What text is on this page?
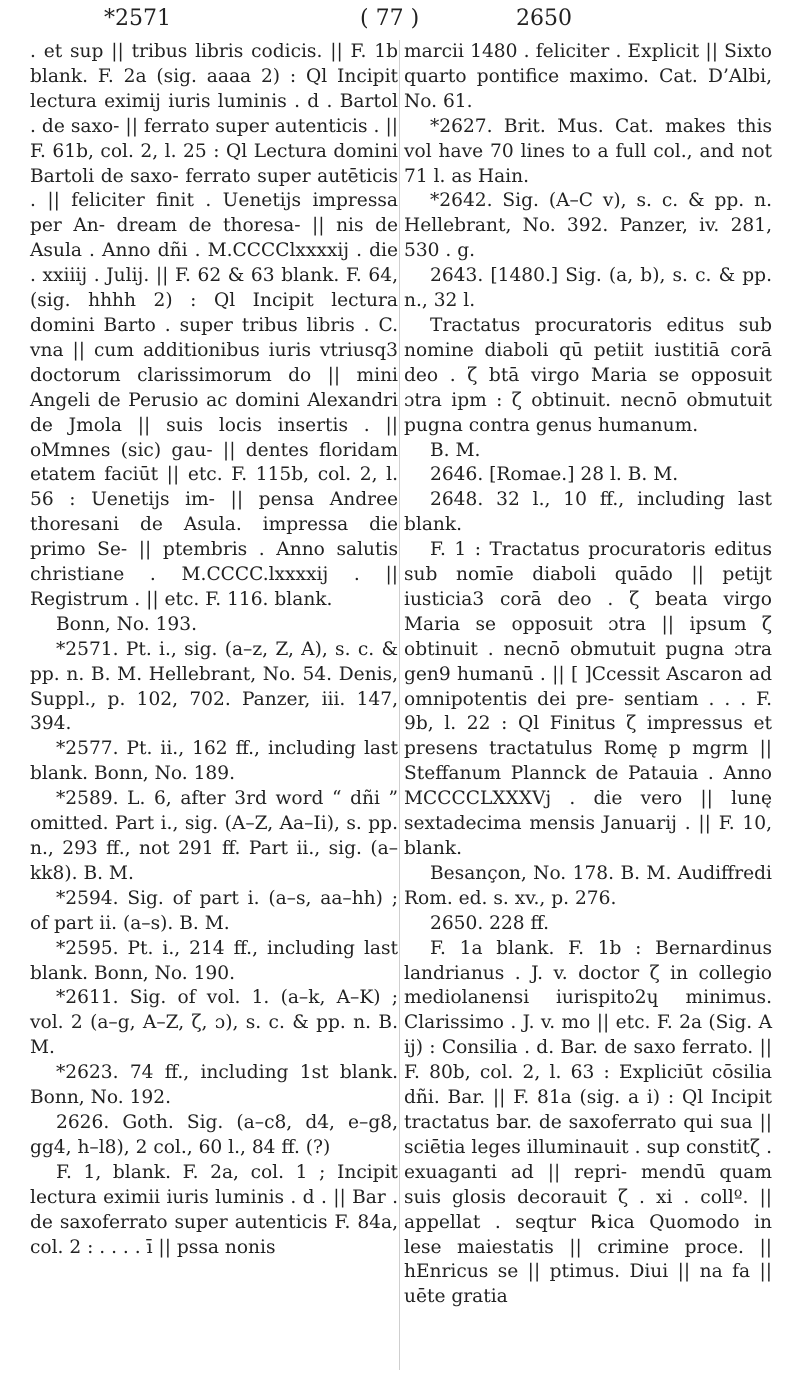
*2571	( 77 )	2650

. et sup || tribus libris codicis. || F. 1b blank. F. 2a (sig. aaaa 2) : Ql Incipit lectura eximij iuris luminis . d . Bartol . de saxo- || ferrato super autenticis . || F. 61b, col. 2, l. 25 : Ql Lectura domini Bartoli de saxo- ferrato super autēticis . || feliciter finit . Uenetijs impressa per An- dream de thoresa- || nis de Asula . Anno dñi . M.CCCClxxxxij . die . xxiiij . Julij. || F. 62 & 63 blank. F. 64, (sig. hhhh 2) : Ql Incipit lectura domini Barto . super tribus libris . C. vna || cum additionibus iuris vtriusq3 doctorum clarissimorum do || mini Angeli de Perusio ac domini Alexandri de Jmola || suis locis insertis . || oMmnes (sic) gau- || dentes floridam etatem faciūt || etc. F. 115b, col. 2, l. 56 : Uenetijs im- || pensa Andree thoresani de Asula. impressa die primo Se- || ptembris . Anno salutis christiane . M.CCCC.lxxxxij . || Registrum . || etc. F. 116. blank.

Bonn, No. 193.

*2571. Pt. i., sig. (a–z, Z, A), s. c. & pp. n. B. M. Hellebrant, No. 54. Denis, Suppl., p. 102, 702. Panzer, iii. 147, 394.

*2577. Pt. ii., 162 ff., including last blank. Bonn, No. 189.

*2589. L. 6, after 3rd word “ dñi ” omitted. Part i., sig. (A–Z, Aa–Ii), s. pp. n., 293 ff., not 291 ff. Part ii., sig. (a–kk8). B. M.

*2594. Sig. of part i. (a–s, aa–hh) ; of part ii. (a–s). B. M.

*2595. Pt. i., 214 ff., including last blank. Bonn, No. 190.

*2611. Sig. of vol. 1. (a–k, A–K) ; vol. 2 (a–g, A–Z, ζ, ɔ), s. c. & pp. n. B. M.

*2623. 74 ff., including 1st blank. Bonn, No. 192.

2626. Goth. Sig. (a–c8, d4, e–g8, gg4, h–l8), 2 col., 60 l., 84 ff. (?)

F. 1, blank. F. 2a, col. 1 ; Incipit lectura eximii iuris luminis . d . || Bar . de saxoferrato super autenticis F. 84a, col. 2 : . . . . ī || pssa nonis

marcii 1480 . feliciter . Explicit || Sixto quarto pontifice maximo. Cat. D’Albi, No. 61.

*2627. Brit. Mus. Cat. makes this vol have 70 lines to a full col., and not 71 l. as Hain.

*2642. Sig. (A–C v), s. c. & pp. n. Hellebrant, No. 392. Panzer, iv. 281, 530 . g.

2643. [1480.] Sig. (a, b), s. c. & pp. n., 32 l.

Tractatus procuratoris editus sub nomine diaboli qū petiit iustitiā corā deo . ζ btā virgo Maria se opposuit ɔtra ipm : ζ obtinuit. necnō obmutuit pugna contra genus humanum.

B. M.

2646. [Romae.] 28 l. B. M.

2648. 32 l., 10 ff., including last blank.

F. 1 : Tractatus procuratoris editus sub nomīe diaboli quādo || petijt iusticia3 corā deo . ζ beata virgo Maria se opposuit ɔtra || ipsum ζ obtinuit . necnō obmutuit pugna ɔtra gen9 humanū . || [ ]Ccessit Ascaron ad omnipotentis dei pre- sentiam . . . F. 9b, l. 22 : Ql Finitus ζ impressus et presens tractatulus Romę p mgrm || Steffanum Plannck de Patauia . Anno MCCCCLXXXVj . die vero || lunę sextadecima mensis Januarij . || F. 10, blank.

Besançon, No. 178. B. M. Audiffredi Rom. ed. s. xv., p. 276.

2650. 228 ff.

F. 1a blank. F. 1b : Bernardinus landrianus . J. v. doctor ζ in collegio mediolanensi iurispito2ɥ minimus. Clarissimo . J. v. mo || etc. F. 2a (Sig. A ij) : Consilia . d. Bar. de saxo ferrato. || F. 80b, col. 2, l. 63 : Expliciūt cōsilia dñi. Bar. || F. 81a (sig. a i) : Ql Incipit tractatus bar. de saxoferrato qui sua || sciētia leges illuminauit . sup constitζ . exuaganti ad || repri- mendū quam suis glosis decorauit ζ . xi . collº. || appellat . seqtur ℞ica Quomodo in lese maiestatis || crimine proce. || hEnricus se || ptimus. Diui || na fa || uēte gratia
